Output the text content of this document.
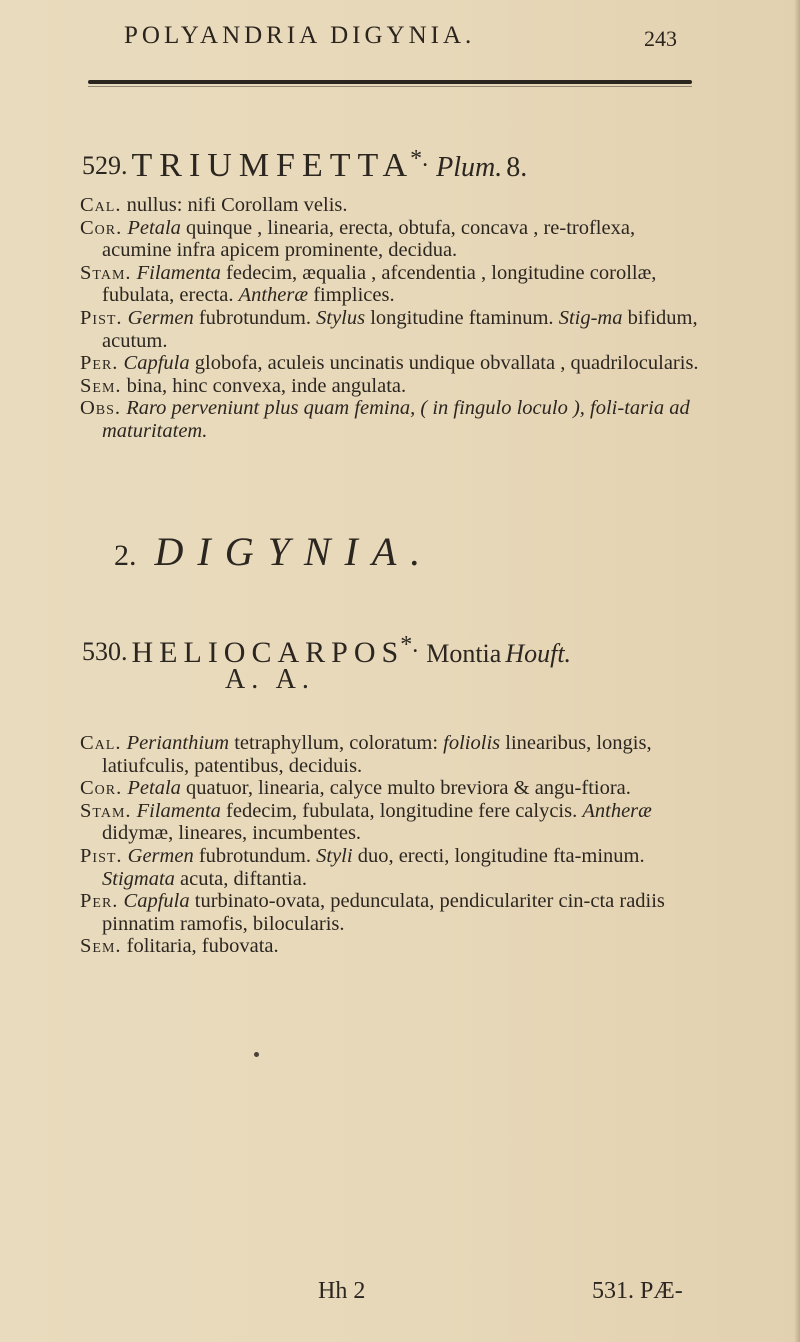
POLYANDRIA DIGYNIA.	243
529. TRIUMFETTA*. Plum. 8.

Cal. nullus: nifi Corollam velis.

Cor. Petala quinque , linearia, erecta, obtufa, concava , re-troflexa, acumine infra apicem prominente, decidua.

Stam. Filamenta fedecim, æqualia , afcendentia , longitudine corollæ, fubulata, erecta. Antheræ fimplices.

Pist. Germen fubrotundum. Stylus longitudine ftaminum. Stig-ma bifidum, acutum.

Per. Capfula globofa, aculeis uncinatis undique obvallata , quadrilocularis.

Sem. bina, hinc convexa, inde angulata.

Obs. Raro perveniunt plus quam femina, ( in fingulo loculo ), foli-taria ad maturitatem.

2. DIGYNIA.
530. HELIOCARPOS*. Montia Houft.
A. A.

Cal. Perianthium tetraphyllum, coloratum: foliolis linearibus, longis, latiufculis, patentibus, deciduis.

Cor. Petala quatuor, linearia, calyce multo breviora & angu-ftiora.

Stam. Filamenta fedecim, fubulata, longitudine fere calycis. Antheræ didymæ, lineares, incumbentes.

Pist. Germen fubrotundum. Styli duo, erecti, longitudine fta-minum. Stigmata acuta, diftantia.

Per. Capfula turbinato-ovata, pedunculata, pendiculariter cin-cta radiis pinnatim ramofis, bilocularis.

Sem. folitaria, fubovata.

Hh 2	531. PÆ-
